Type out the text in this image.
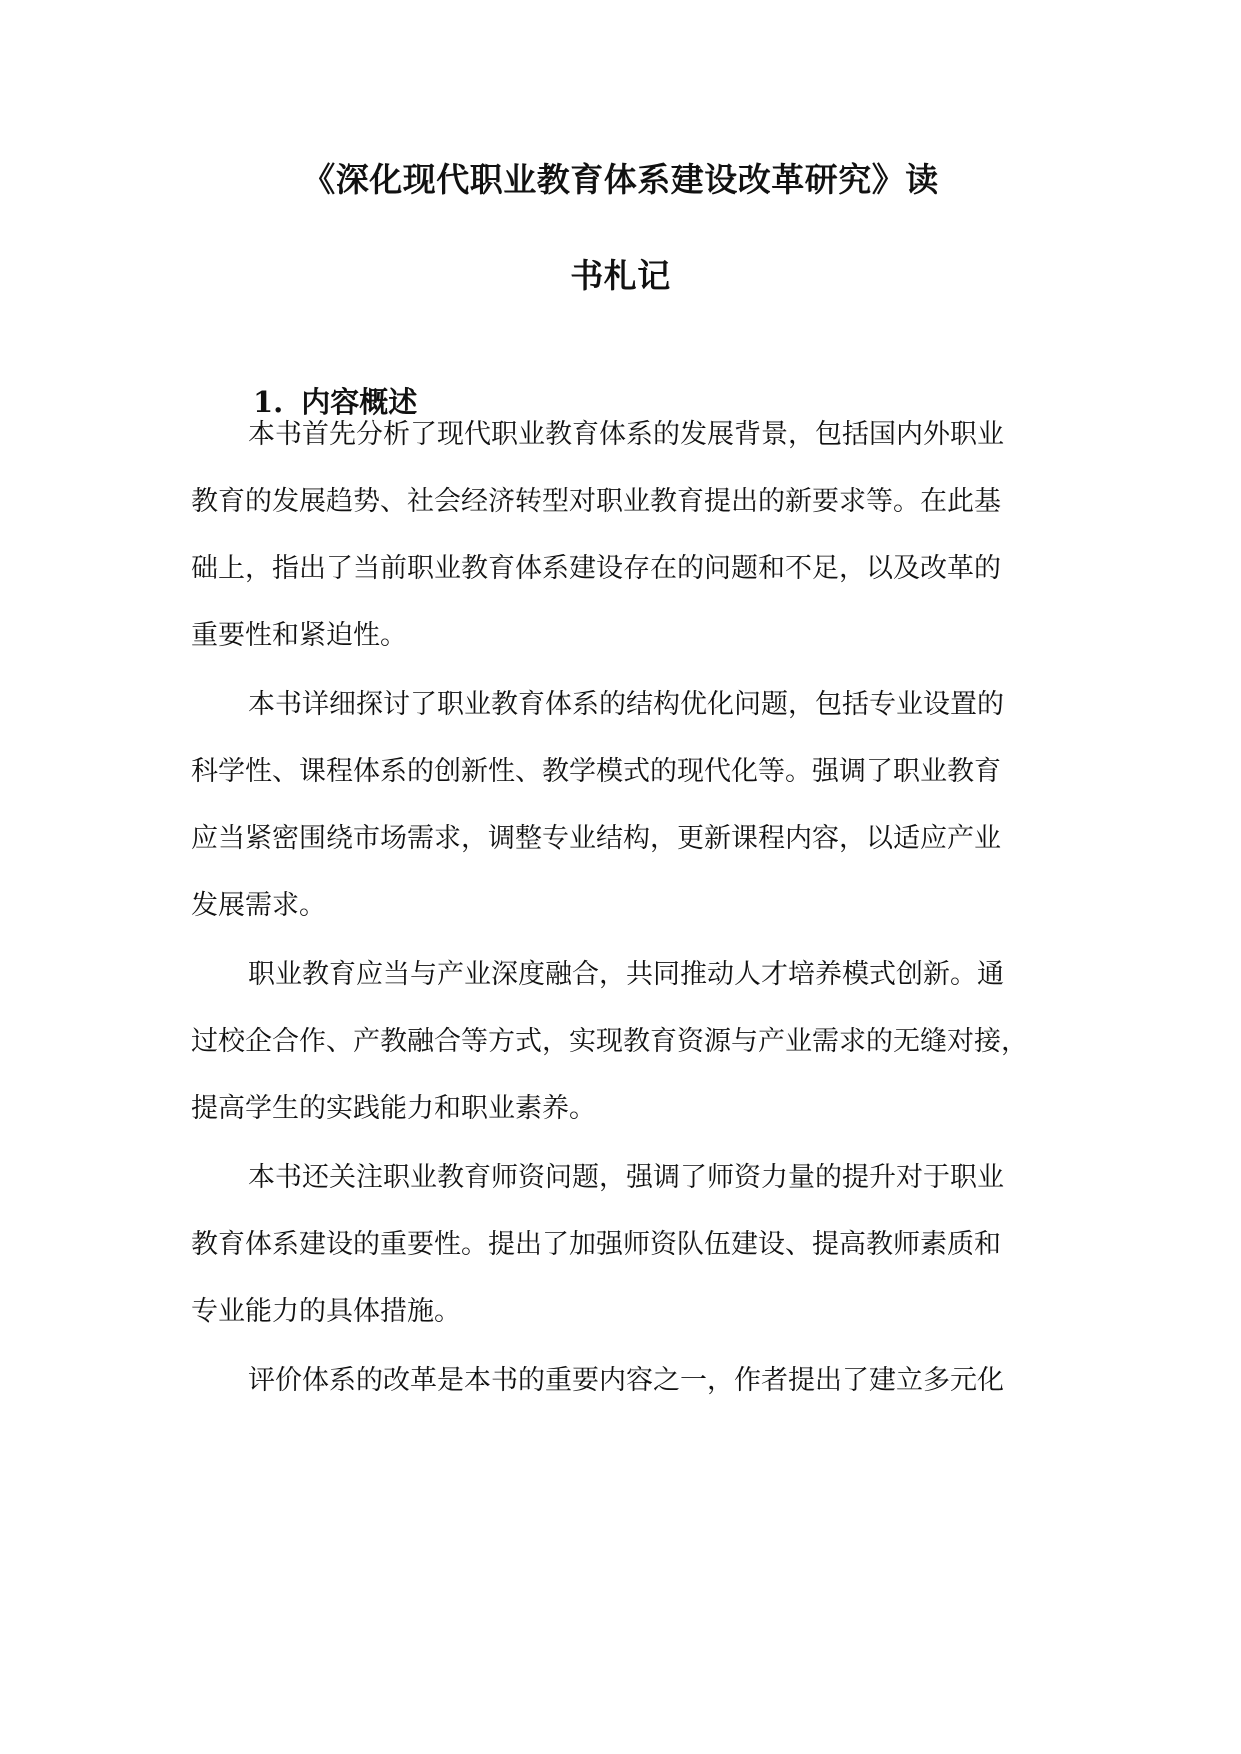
《深化现代职业教育体系建设改革研究》读
书札记
1. 内容概述
本书首先分析了现代职业教育体系的发展背景，包括国内外职业
教育的发展趋势、社会经济转型对职业教育提出的新要求等。在此基
础上，指出了当前职业教育体系建设存在的问题和不足，以及改革的
重要性和紧迫性。
本书详细探讨了职业教育体系的结构优化问题，包括专业设置的
科学性、课程体系的创新性、教学模式的现代化等。强调了职业教育
应当紧密围绕市场需求，调整专业结构，更新课程内容，以适应产业
发展需求。
职业教育应当与产业深度融合，共同推动人才培养模式创新。通
过校企合作、产教融合等方式，实现教育资源与产业需求的无缝对接，
提高学生的实践能力和职业素养。
本书还关注职业教育师资问题，强调了师资力量的提升对于职业
教育体系建设的重要性。提出了加强师资队伍建设、提高教师素质和
专业能力的具体措施。
评价体系的改革是本书的重要内容之一，作者提出了建立多元化
